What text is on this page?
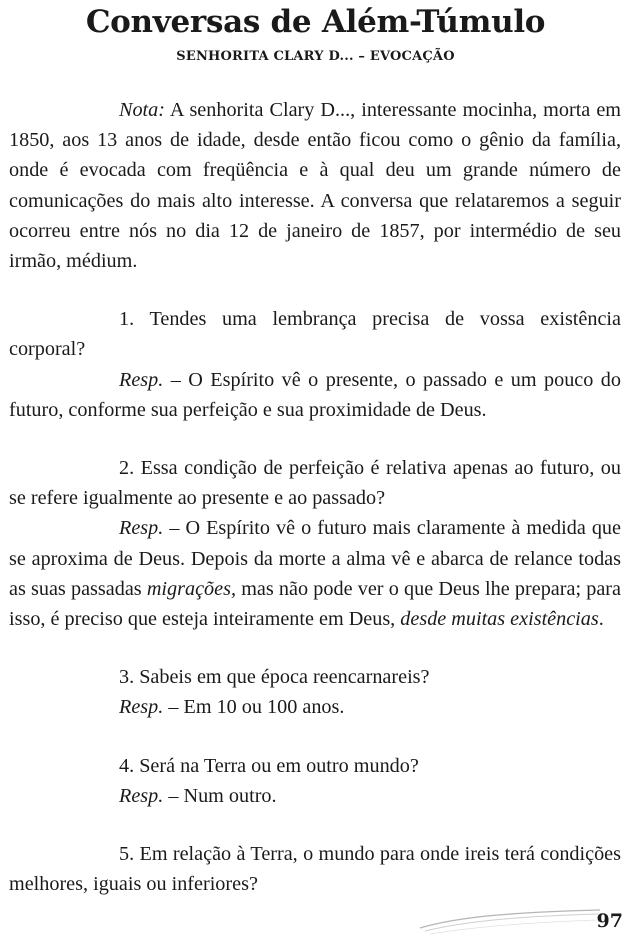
Conversas de Além-Túmulo
SENHORITA CLARY D... – EVOCAÇÃO

Nota: A senhorita Clary D..., interessante mocinha, morta em 1850, aos 13 anos de idade, desde então ficou como o gênio da família, onde é evocada com freqüência e à qual deu um grande número de comunicações do mais alto interesse. A conversa que relataremos a seguir ocorreu entre nós no dia 12 de janeiro de 1857, por intermédio de seu irmão, médium.

1. Tendes uma lembrança precisa de vossa existência corporal?

Resp. – O Espírito vê o presente, o passado e um pouco do futuro, conforme sua perfeição e sua proximidade de Deus.

2. Essa condição de perfeição é relativa apenas ao futuro, ou se refere igualmente ao presente e ao passado?

Resp. – O Espírito vê o futuro mais claramente à medida que se aproxima de Deus. Depois da morte a alma vê e abarca de relance todas as suas passadas migrações, mas não pode ver o que Deus lhe prepara; para isso, é preciso que esteja inteiramente em Deus, desde muitas existências.

3. Sabeis em que época reencarnareis?

Resp. – Em 10 ou 100 anos.

4. Será na Terra ou em outro mundo?

Resp. – Num outro.

5. Em relação à Terra, o mundo para onde ireis terá condições melhores, iguais ou inferiores?

97
